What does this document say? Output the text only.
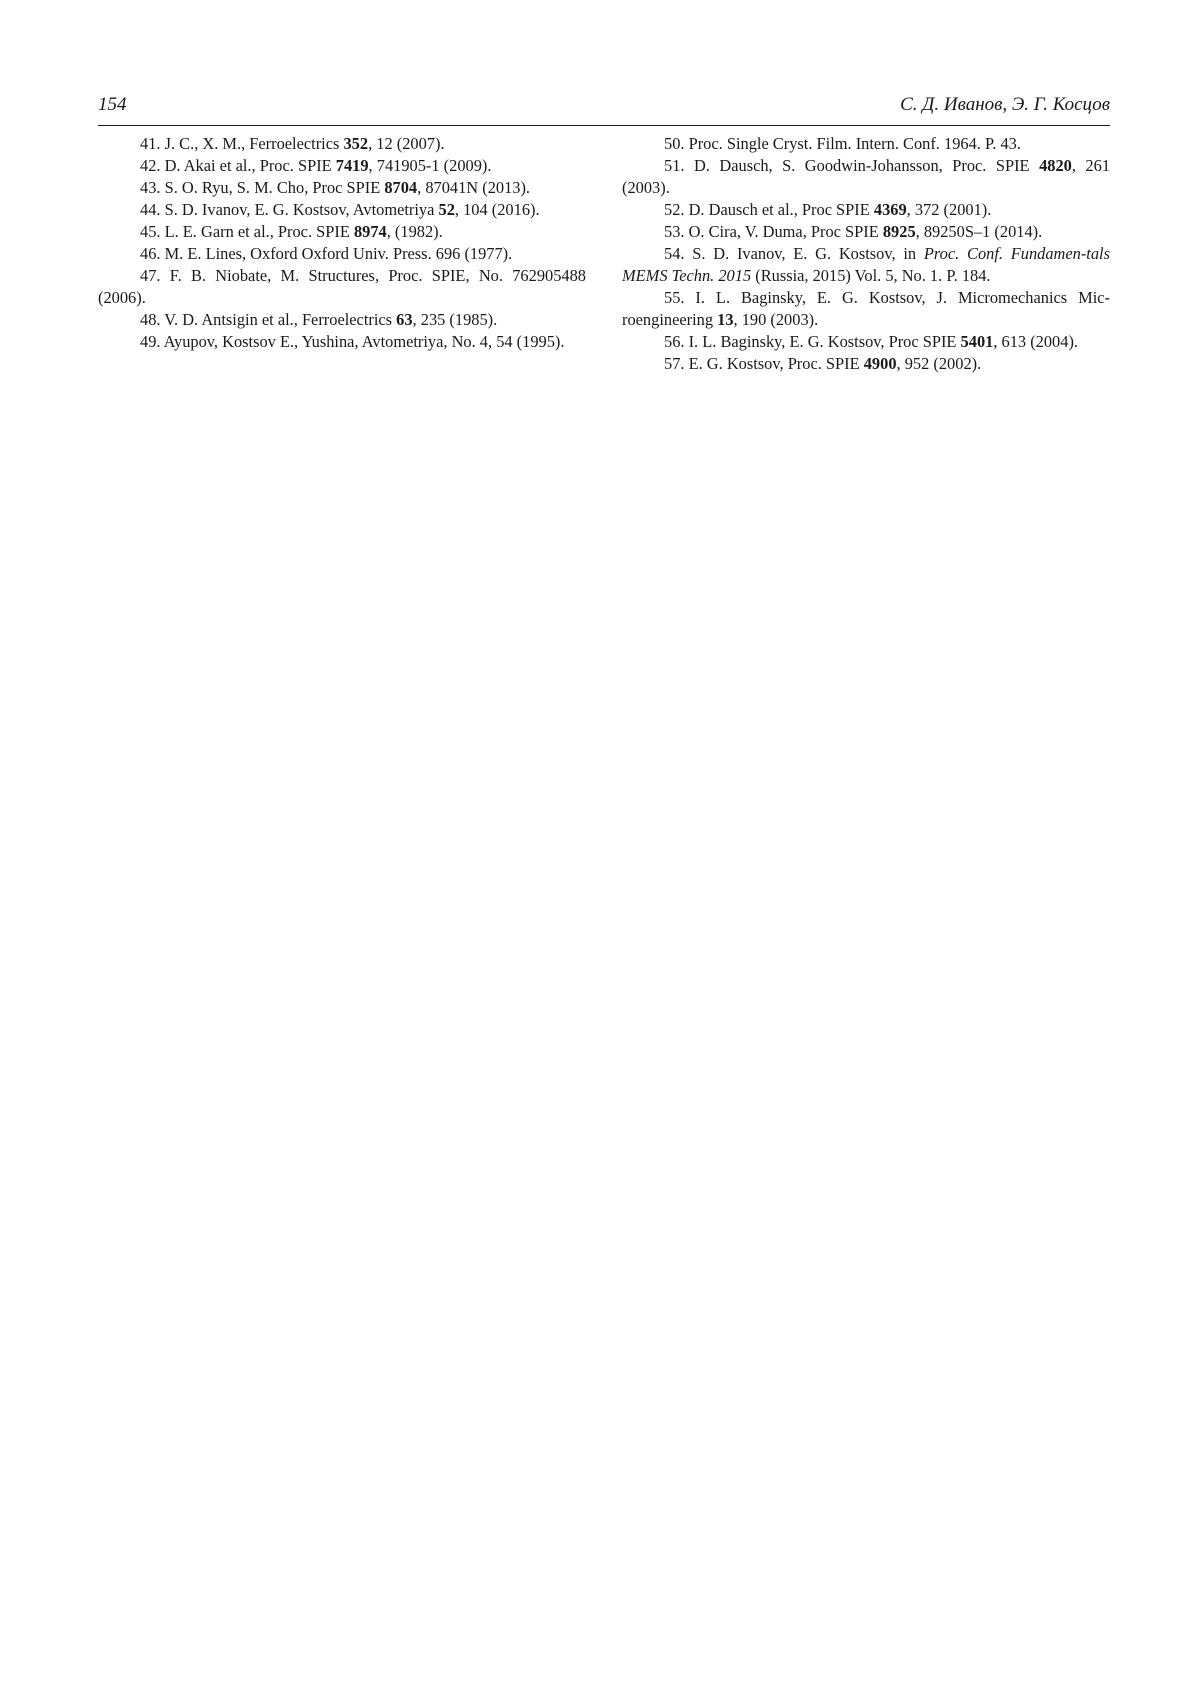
154	С. Д. Иванов, Э. Г. Косцов

41. J. C., X. M., Ferroelectrics 352, 12 (2007).

42. D. Akai et al., Proc. SPIE 7419, 741905-1 (2009).

43. S. O. Ryu, S. M. Cho, Proc SPIE 8704, 87041N (2013).

44. S. D. Ivanov, E. G. Kostsov, Avtometriya 52, 104 (2016).

45. L. E. Garn et al., Proc. SPIE 8974, (1982).

46. M. E. Lines, Oxford Oxford Univ. Press. 696 (1977).

47. F. B. Niobate, M. Structures, Proc. SPIE, No. 762905488 (2006).

48. V. D. Antsigin et al., Ferroelectrics 63, 235 (1985).

49. Ayupov, Kostsov E., Yushina, Avtometriya, No. 4, 54 (1995).

50. Proc. Single Cryst. Film. Intern. Conf. 1964. P. 43.

51. D. Dausch, S. Goodwin-Johansson, Proc. SPIE 4820, 261 (2003).

52. D. Dausch et al., Proc SPIE 4369, 372 (2001).

53. O. Cira, V. Duma, Proc SPIE 8925, 89250S–1 (2014).

54. S. D. Ivanov, E. G. Kostsov, in Proc. Conf. Fundamen-tals MEMS Techn. 2015 (Russia, 2015) Vol. 5, No. 1. P. 184.

55. I. L. Baginsky, E. G. Kostsov, J. Micromechanics Mic-roengineering 13, 190 (2003).

56. I. L. Baginsky, E. G. Kostsov, Proc SPIE 5401, 613 (2004).

57. E. G. Kostsov, Proc. SPIE 4900, 952 (2002).
